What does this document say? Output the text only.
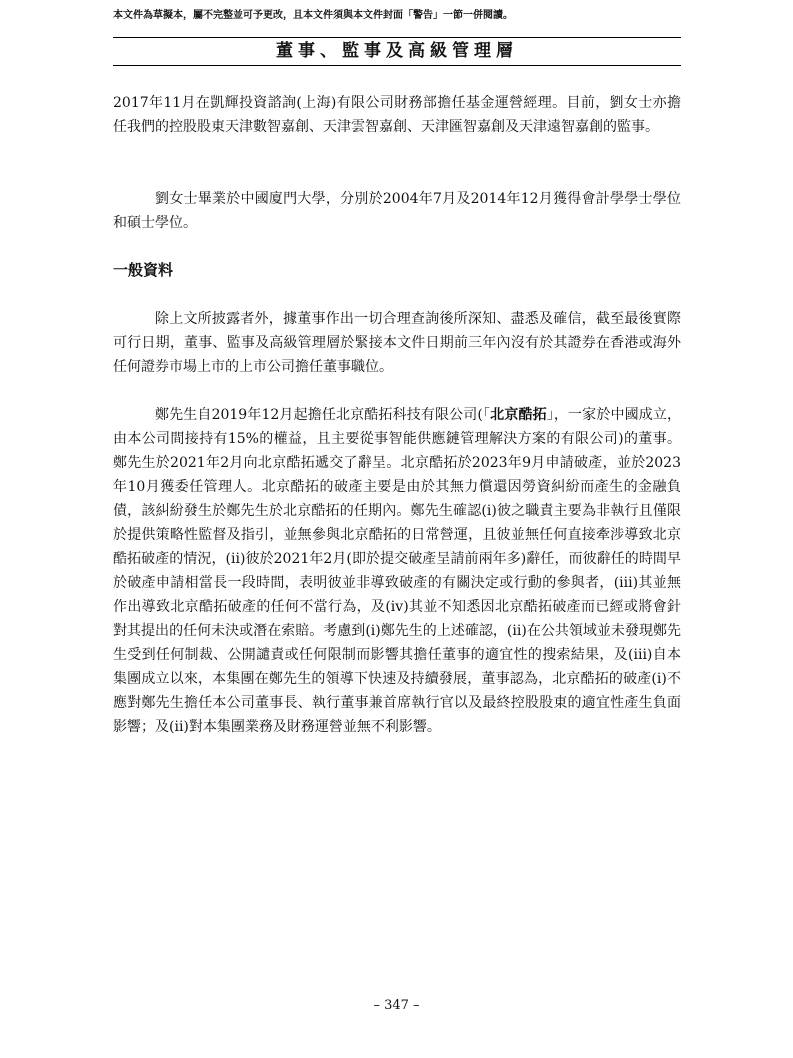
本文件為草擬本，屬不完整並可予更改，且本文件須與本文件封面「警告」一節一併閱讀。
董事、監事及高級管理層

2017年11月在凱輝投資諮詢(上海)有限公司財務部擔任基金運營經理。目前，劉女士亦擔任我們的控股股東天津數智嘉創、天津雲智嘉創、天津匯智嘉創及天津遠智嘉創的監事。

劉女士畢業於中國廈門大學，分別於2004年7月及2014年12月獲得會計學學士學位和碩士學位。

一般資料

除上文所披露者外，據董事作出一切合理查詢後所深知、盡悉及確信，截至最後實際可行日期，董事、監事及高級管理層於緊接本文件日期前三年內沒有於其證券在香港或海外任何證券市場上市的上市公司擔任董事職位。

鄭先生自2019年12月起擔任北京酷拓科技有限公司(「北京酷拓」，一家於中國成立，由本公司間接持有15%的權益，且主要從事智能供應鏈管理解決方案的有限公司)的董事。鄭先生於2021年2月向北京酷拓遞交了辭呈。北京酷拓於2023年9月申請破產，並於2023年10月獲委任管理人。北京酷拓的破產主要是由於其無力償還因勞資糾紛而產生的金融負債，該糾紛發生於鄭先生於北京酷拓的任期內。鄭先生確認(i)彼之職責主要為非執行且僅限於提供策略性監督及指引，並無參與北京酷拓的日常營運，且彼並無任何直接牽涉導致北京酷拓破產的情況，(ii)彼於2021年2月(即於提交破產呈請前兩年多)辭任，而彼辭任的時間早於破產申請相當長一段時間，表明彼並非導致破產的有關決定或行動的參與者，(iii)其並無作出導致北京酷拓破產的任何不當行為，及(iv)其並不知悉因北京酷拓破產而已經或將會針對其提出的任何未決或潛在索賠。考慮到(i)鄭先生的上述確認，(ii)在公共領域並未發現鄭先生受到任何制裁、公開譴責或任何限制而影響其擔任董事的適宜性的搜索結果，及(iii)自本集團成立以來，本集團在鄭先生的領導下快速及持續發展，董事認為，北京酷拓的破產(i)不應對鄭先生擔任本公司董事長、執行董事兼首席執行官以及最終控股股東的適宜性產生負面影響；及(ii)對本集團業務及財務運營並無不利影響。

– 347 –
